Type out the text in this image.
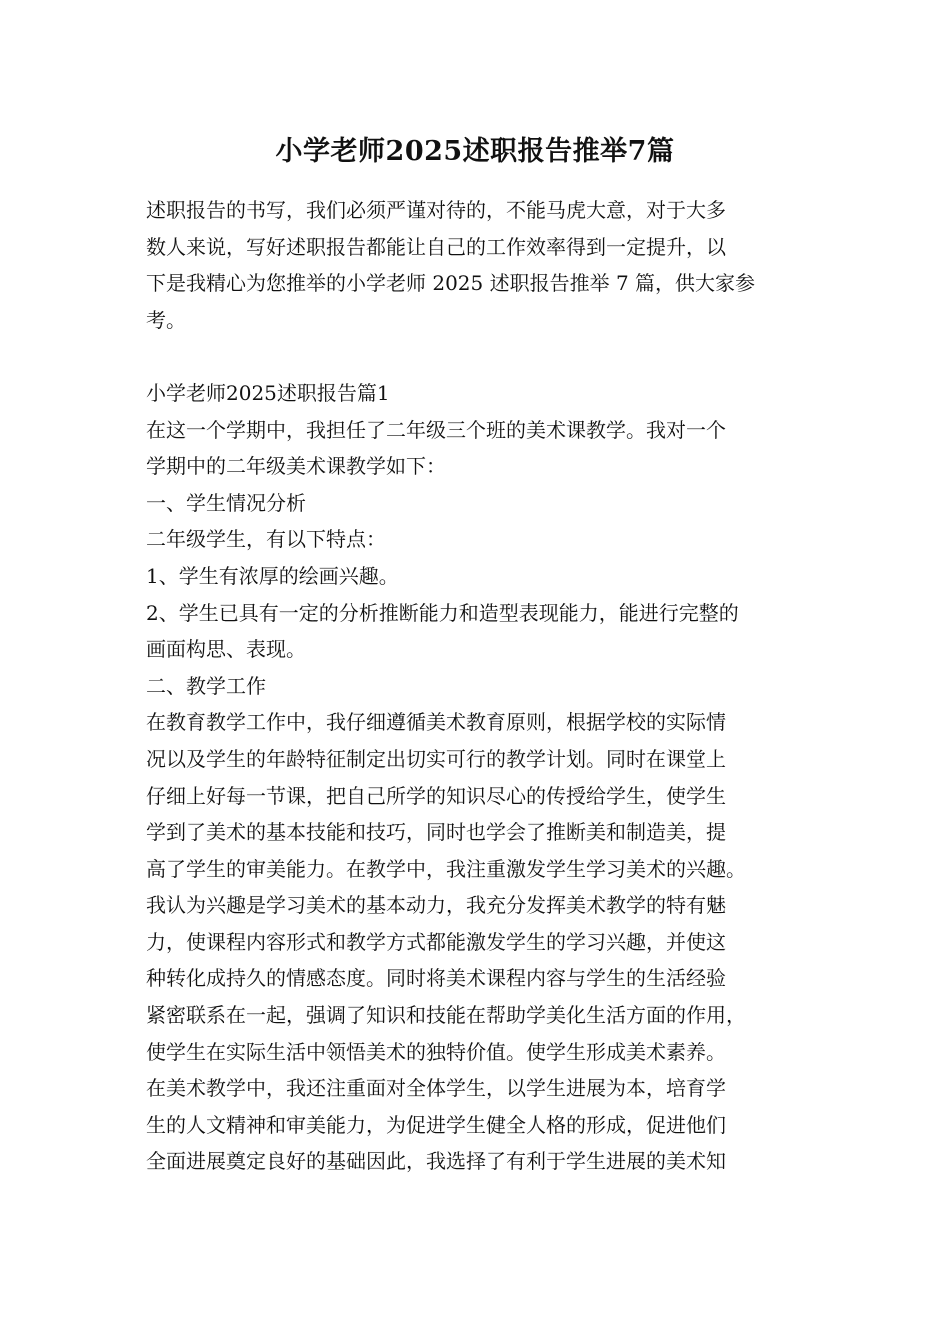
小学老师2025述职报告推举7篇
述职报告的书写，我们必须严谨对待的，不能马虎大意，对于大多
数人来说，写好述职报告都能让自己的工作效率得到一定提升，以
下是我精心为您推举的小学老师 2025 述职报告推举 7 篇，供大家参
考。
小学老师2025述职报告篇1
在这一个学期中，我担任了二年级三个班的美术课教学。我对一个
学期中的二年级美术课教学如下：
一、学生情况分析
二年级学生，有以下特点：
1、学生有浓厚的绘画兴趣。
2、学生已具有一定的分析推断能力和造型表现能力，能进行完整的
画面构思、表现。
二、教学工作
在教育教学工作中，我仔细遵循美术教育原则，根据学校的实际情
况以及学生的年龄特征制定出切实可行的教学计划。同时在课堂上
仔细上好每一节课，把自己所学的知识尽心的传授给学生，使学生
学到了美术的基本技能和技巧，同时也学会了推断美和制造美，提
高了学生的审美能力。在教学中，我注重激发学生学习美术的兴趣。
我认为兴趣是学习美术的基本动力，我充分发挥美术教学的特有魅
力，使课程内容形式和教学方式都能激发学生的学习兴趣，并使这
种转化成持久的情感态度。同时将美术课程内容与学生的生活经验
紧密联系在一起，强调了知识和技能在帮助学美化生活方面的作用，
使学生在实际生活中领悟美术的独特价值。使学生形成美术素养。
在美术教学中，我还注重面对全体学生，以学生进展为本，培育学
生的人文精神和审美能力，为促进学生健全人格的形成，促进他们
全面进展奠定良好的基础因此，我选择了有利于学生进展的美术知
